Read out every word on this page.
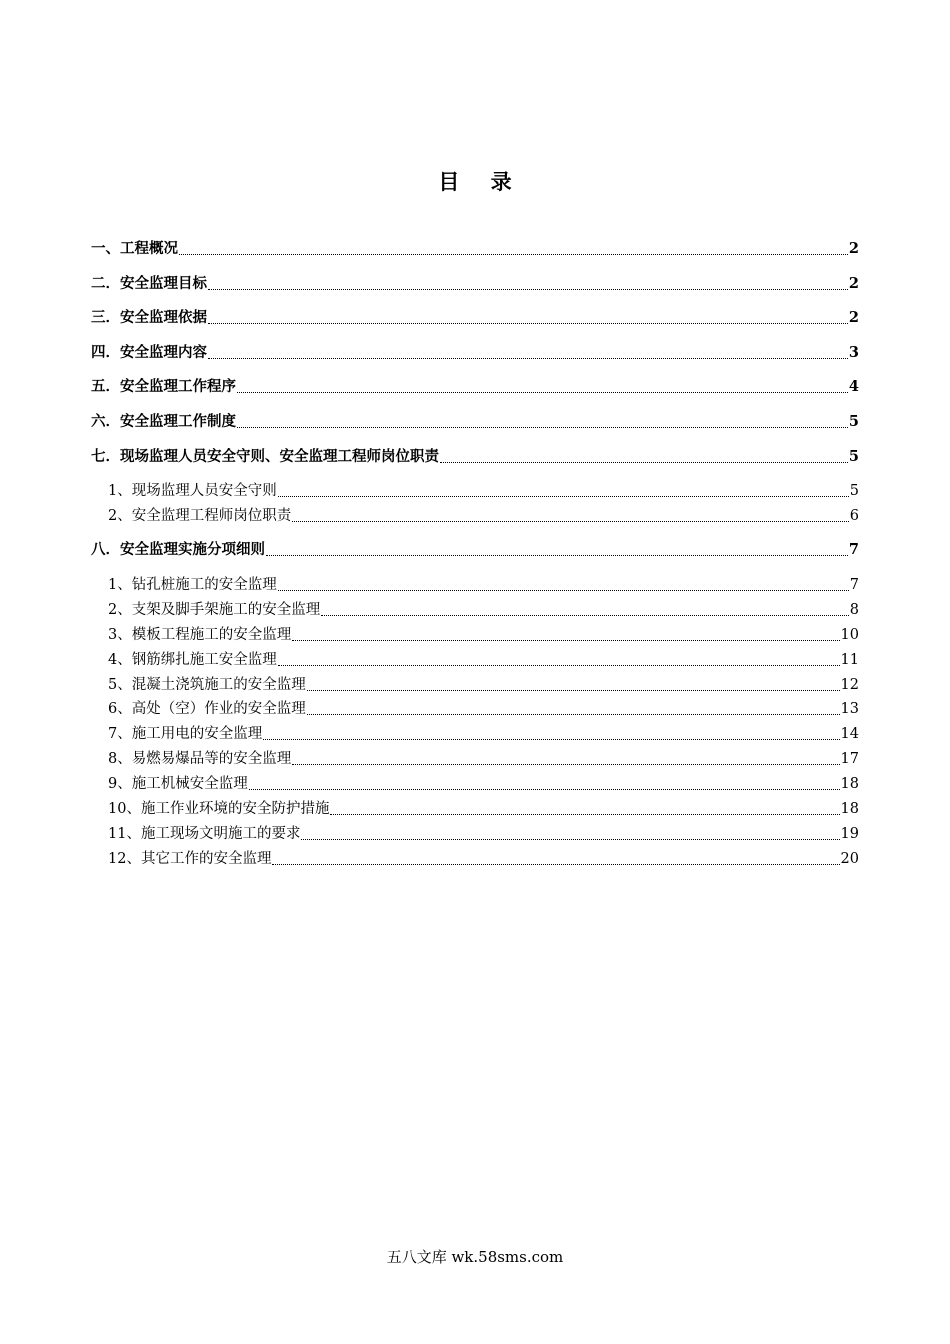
目 录
一、工程概况	2
二．安全监理目标	2
三．安全监理依据	2
四．安全监理内容	3
五．安全监理工作程序	4
六．安全监理工作制度	5
七．现场监理人员安全守则、安全监理工程师岗位职责	5
1、现场监理人员安全守则	5
2、安全监理工程师岗位职责	6
八．安全监理实施分项细则	7
1、钻孔桩施工的安全监理	7
2、支架及脚手架施工的安全监理	8
3、模板工程施工的安全监理	10
4、钢筋绑扎施工安全监理	11
5、混凝土浇筑施工的安全监理	12
6、高处（空）作业的安全监理	13
7、施工用电的安全监理	14
8、易燃易爆品等的安全监理	17
9、施工机械安全监理	18
10、施工作业环境的安全防护措施	18
11、施工现场文明施工的要求	19
12、其它工作的安全监理	20
五八文库 wk.58sms.com
